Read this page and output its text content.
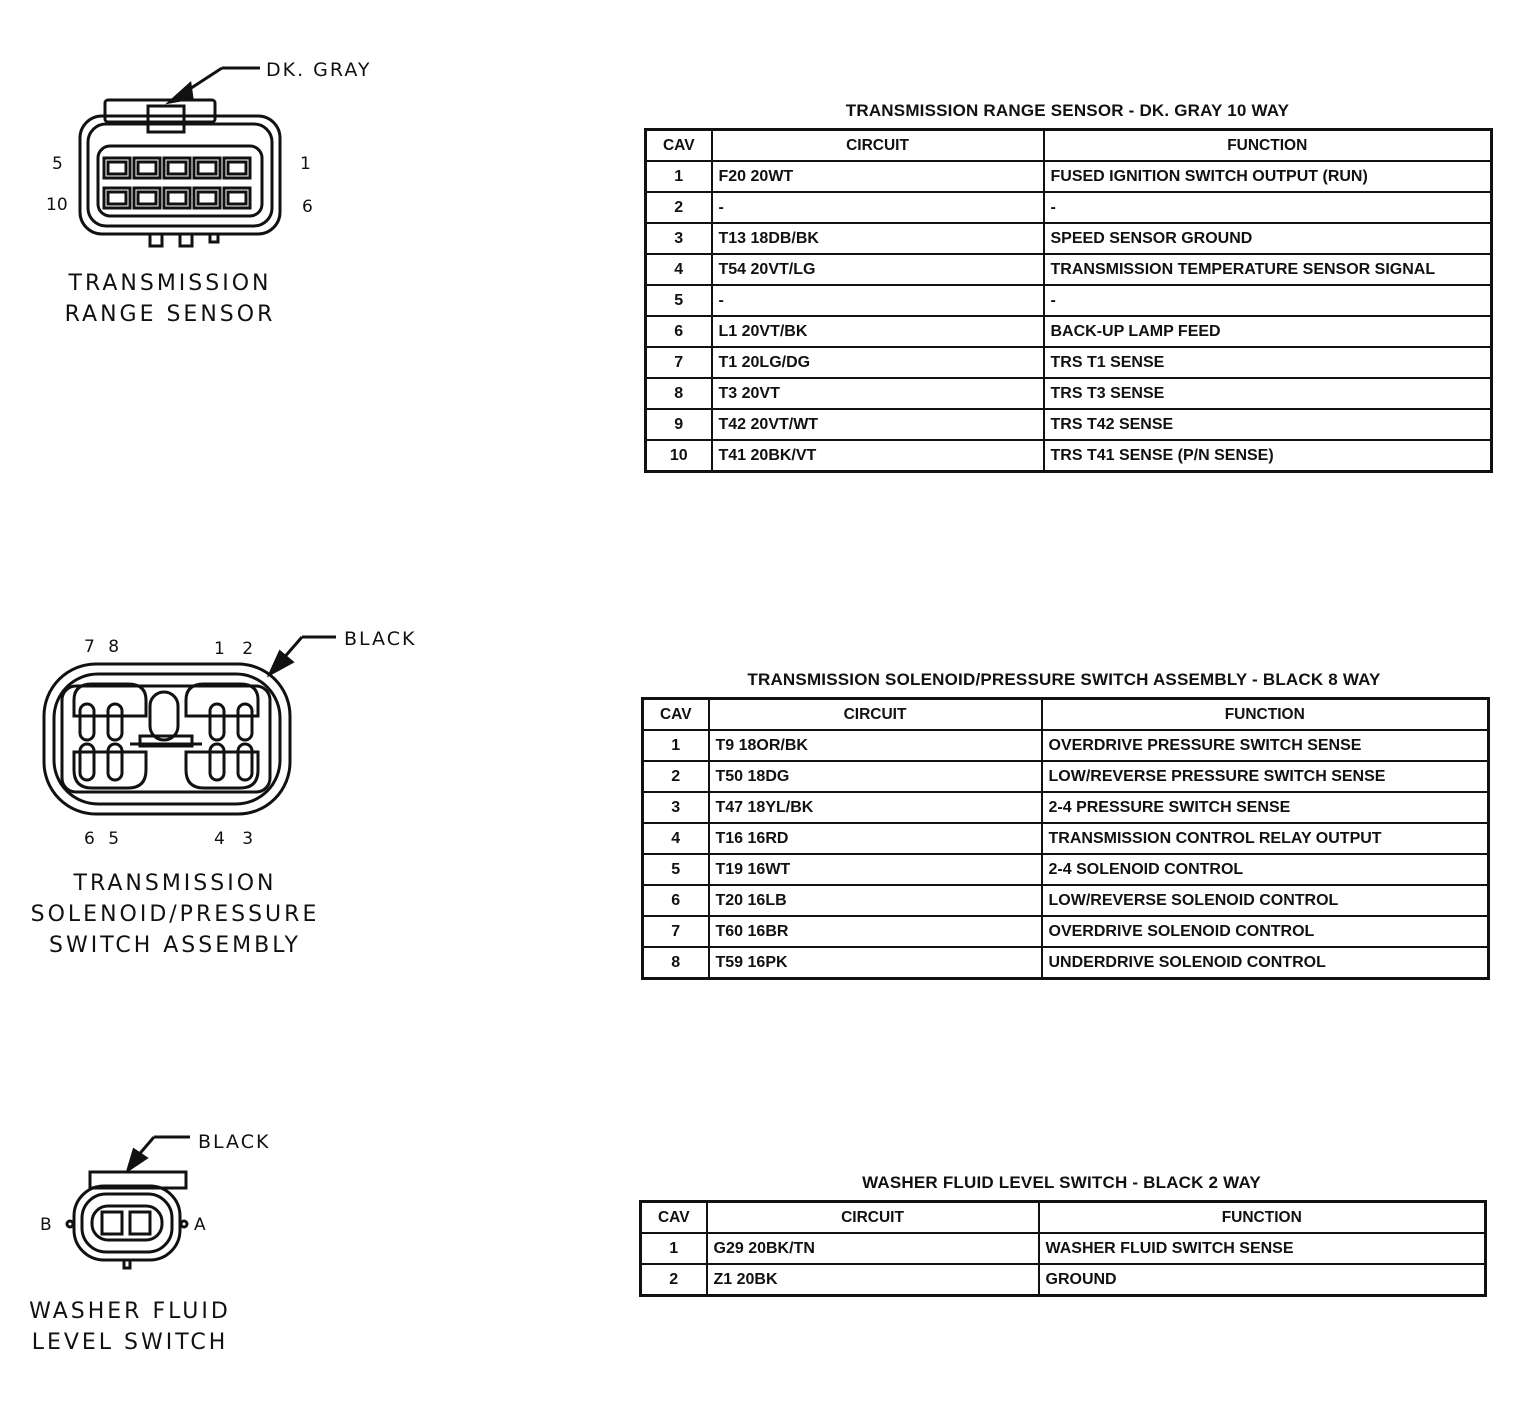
DK. GRAY
5	1
10	6
TRANSMISSION
RANGE SENSOR
TRANSMISSION RANGE SENSOR - DK. GRAY 10 WAY
CAV	CIRCUIT	FUNCTION
1	F20 20WT	FUSED IGNITION SWITCH OUTPUT (RUN)
2	-	-
3	T13 18DB/BK	SPEED SENSOR GROUND
4	T54 20VT/LG	TRANSMISSION TEMPERATURE SENSOR SIGNAL
5	-	-
6	L1 20VT/BK	BACK-UP LAMP FEED
7	T1 20LG/DG	TRS T1 SENSE
8	T3 20VT	TRS T3 SENSE
9	T42 20VT/WT	TRS T42 SENSE
10	T41 20BK/VT	TRS T41 SENSE (P/N SENSE)
BLACK
7 8	1 2
6 5	4 3
TRANSMISSION
SOLENOID/PRESSURE
SWITCH ASSEMBLY
TRANSMISSION SOLENOID/PRESSURE SWITCH ASSEMBLY - BLACK 8 WAY
CAV	CIRCUIT	FUNCTION
1	T9 18OR/BK	OVERDRIVE PRESSURE SWITCH SENSE
2	T50 18DG	LOW/REVERSE PRESSURE SWITCH SENSE
3	T47 18YL/BK	2-4 PRESSURE SWITCH SENSE
4	T16 16RD	TRANSMISSION CONTROL RELAY OUTPUT
5	T19 16WT	2-4 SOLENOID CONTROL
6	T20 16LB	LOW/REVERSE SOLENOID CONTROL
7	T60 16BR	OVERDRIVE SOLENOID CONTROL
8	T59 16PK	UNDERDRIVE SOLENOID CONTROL
BLACK
B	A
WASHER FLUID
LEVEL SWITCH
WASHER FLUID LEVEL SWITCH - BLACK 2 WAY
CAV	CIRCUIT	FUNCTION
1	G29 20BK/TN	WASHER FLUID SWITCH SENSE
2	Z1 20BK	GROUND
